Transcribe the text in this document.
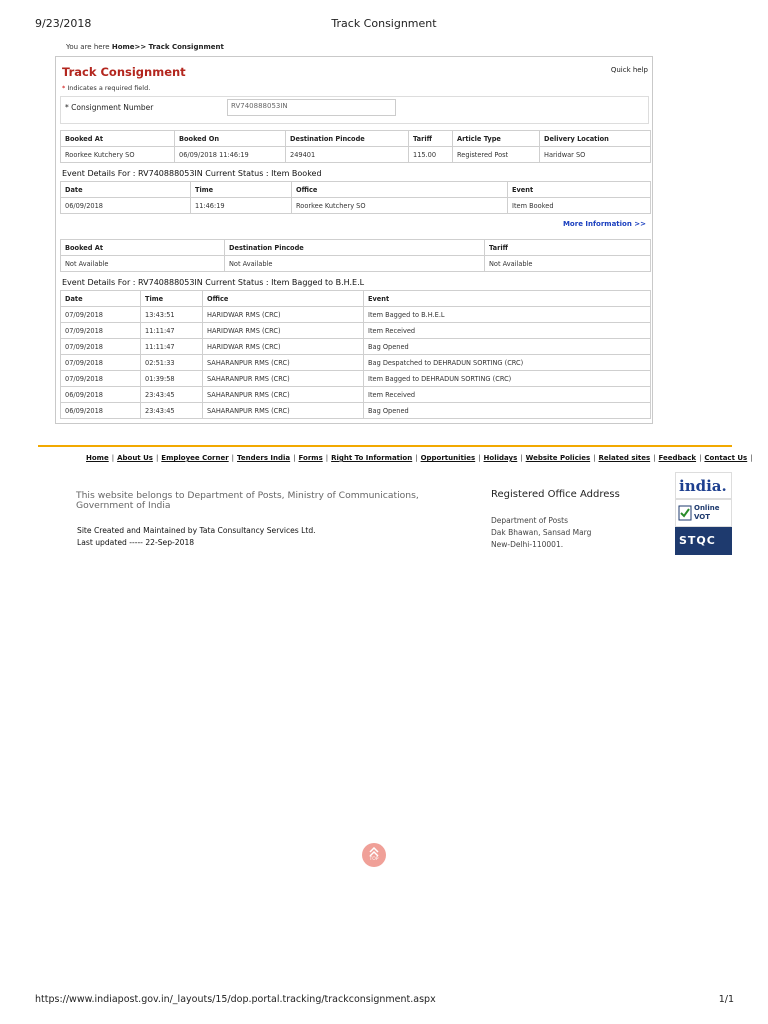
9/23/2018	Track Consignment
You are here Home>> Track Consignment
Track Consignment	Quick help
* Indicates a required field.
* Consignment Number	RV740888053IN
Booked At	Booked On	Destination Pincode	Tariff	Article Type	Delivery Location
Roorkee Kutchery SO	06/09/2018 11:46:19	249401	115.00	Registered Post	Haridwar SO
Event Details For : RV740888053IN Current Status : Item Booked
Date	Time	Office	Event
06/09/2018	11:46:19	Roorkee Kutchery SO	Item Booked
More Information >>
Booked At	Destination Pincode	Tariff
Not Available	Not Available	Not Available
Event Details For : RV740888053IN Current Status : Item Bagged to B.H.E.L
Date	Time	Office	Event
07/09/2018	13:43:51	HARIDWAR RMS (CRC)	Item Bagged to B.H.E.L
07/09/2018	11:11:47	HARIDWAR RMS (CRC)	Item Received
07/09/2018	11:11:47	HARIDWAR RMS (CRC)	Bag Opened
07/09/2018	02:51:33	SAHARANPUR RMS (CRC)	Bag Despatched to DEHRADUN SORTING (CRC)
07/09/2018	01:39:58	SAHARANPUR RMS (CRC)	Item Bagged to DEHRADUN SORTING (CRC)
06/09/2018	23:43:45	SAHARANPUR RMS (CRC)	Item Received
06/09/2018	23:43:45	SAHARANPUR RMS (CRC)	Bag Opened
Home | About Us | Employee Corner | Tenders India | Forms | Right To Information | Opportunities | Holidays | Website Policies | Related sites | Feedback | Contact Us |
This website belongs to Department of Posts, Ministry of Communications, Government of India
Site Created and Maintained by Tata Consultancy Services Ltd.
Last updated ----- 22-Sep-2018
Registered Office Address
Department of Posts
Dak Bhawan, Sansad Marg
New-Delhi-110001.
india.
Online VOT
STQC
TOP
https://www.indiapost.gov.in/_layouts/15/dop.portal.tracking/trackconsignment.aspx	1/1
